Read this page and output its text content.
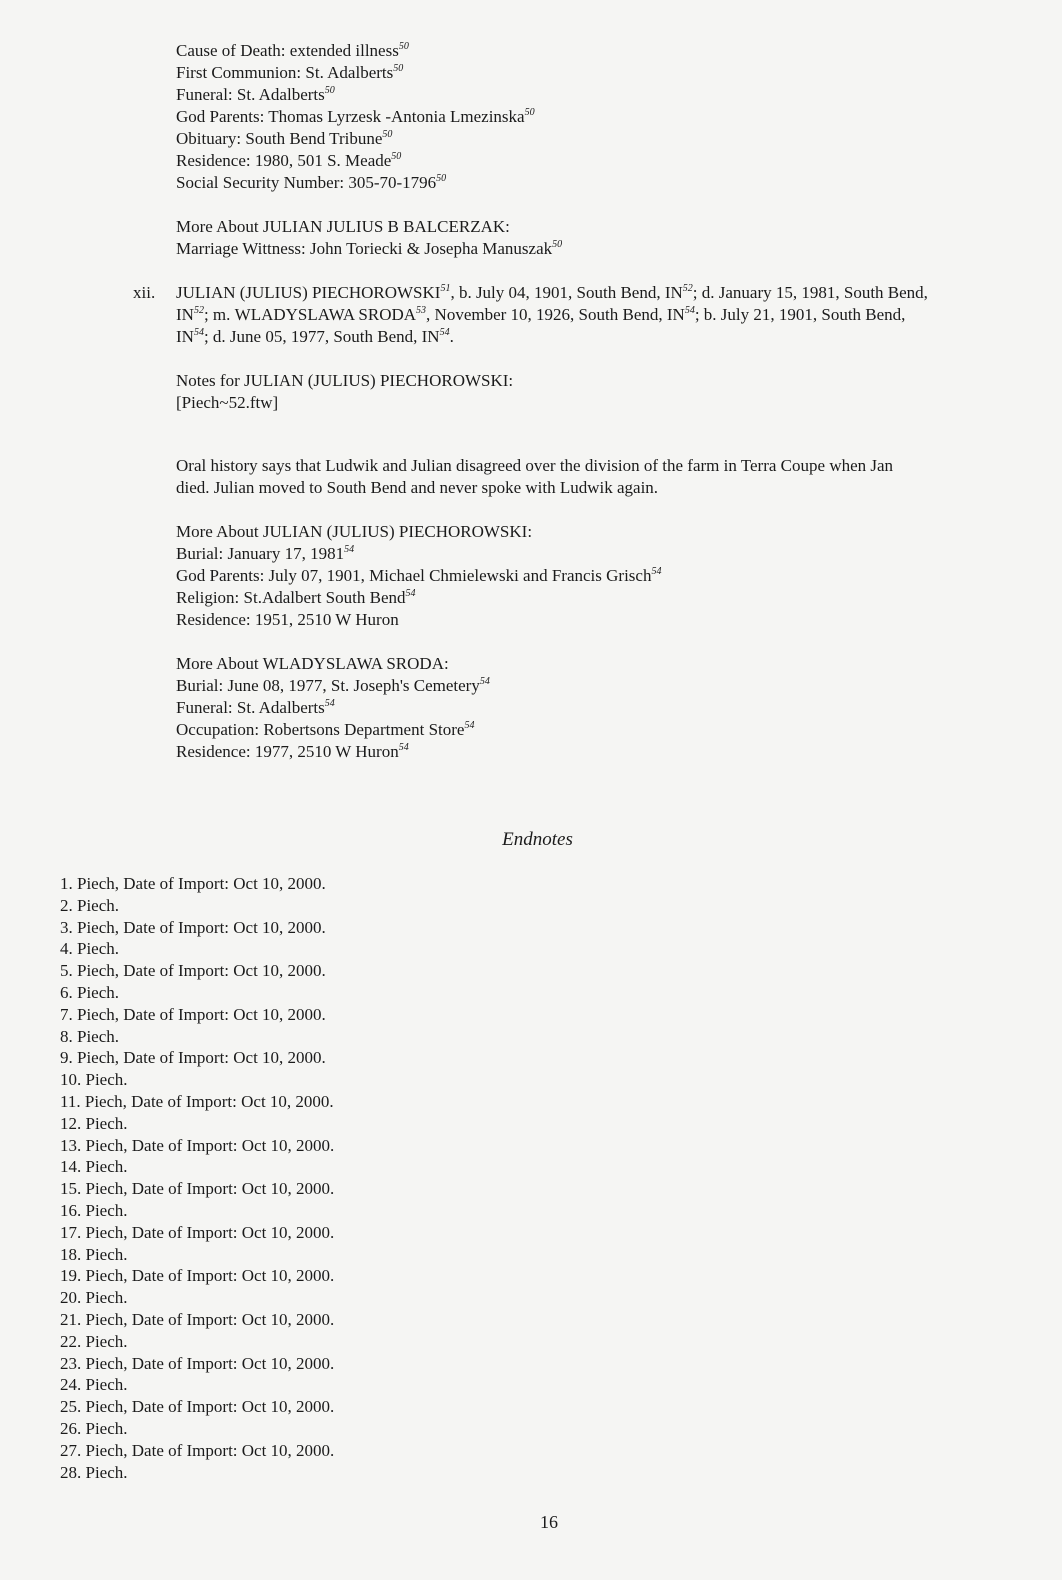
Cause of Death: extended illness$^{50}$
First Communion: St. Adalberts$^{50}$
Funeral: St. Adalberts$^{50}$
God Parents: Thomas Lyrzesk -Antonia Lmezinska$^{50}$
Obituary: South Bend Tribune$^{50}$
Residence: 1980, 501 S. Meade$^{50}$
Social Security Number: 305-70-1796$^{50}$
More About JULIAN JULIUS B BALCERZAK:
Marriage Wittness: John Toriecki & Josepha Manuszak$^{50}$
xii. JULIAN (JULIUS) PIECHOROWSKI$^{51}$, b. July 04, 1901, South Bend, IN$^{52}$; d. January 15, 1981, South Bend,
IN$^{52}$; m. WLADYSLAWA SRODA$^{53}$, November 10, 1926, South Bend, IN$^{54}$; b. July 21, 1901, South Bend,
IN$^{54}$; d. June 05, 1977, South Bend, IN$^{54}$.
Notes for JULIAN (JULIUS) PIECHOROWSKI:
[Piech~52.ftw]
Oral history says that Ludwik and Julian disagreed over the division of the farm in Terra Coupe when Jan
died. Julian moved to South Bend and never spoke with Ludwik again.
More About JULIAN (JULIUS) PIECHOROWSKI:
Burial: January 17, 1981$^{54}$
God Parents: July 07, 1901, Michael Chmielewski and Francis Grisch$^{54}$
Religion: St.Adalbert South Bend$^{54}$
Residence: 1951, 2510 W Huron
More About WLADYSLAWA SRODA:
Burial: June 08, 1977, St. Joseph's Cemetery$^{54}$
Funeral: St. Adalberts$^{54}$
Occupation: Robertsons Department Store$^{54}$
Residence: 1977, 2510 W Huron$^{54}$
Endnotes
1. Piech, Date of Import: Oct 10, 2000.
2. Piech.
3. Piech, Date of Import: Oct 10, 2000.
4. Piech.
5. Piech, Date of Import: Oct 10, 2000.
6. Piech.
7. Piech, Date of Import: Oct 10, 2000.
8. Piech.
9. Piech, Date of Import: Oct 10, 2000.
10. Piech.
11. Piech, Date of Import: Oct 10, 2000.
12. Piech.
13. Piech, Date of Import: Oct 10, 2000.
14. Piech.
15. Piech, Date of Import: Oct 10, 2000.
16. Piech.
17. Piech, Date of Import: Oct 10, 2000.
18. Piech.
19. Piech, Date of Import: Oct 10, 2000.
20. Piech.
21. Piech, Date of Import: Oct 10, 2000.
22. Piech.
23. Piech, Date of Import: Oct 10, 2000.
24. Piech.
25. Piech, Date of Import: Oct 10, 2000.
26. Piech.
27. Piech, Date of Import: Oct 10, 2000.
28. Piech.
16
